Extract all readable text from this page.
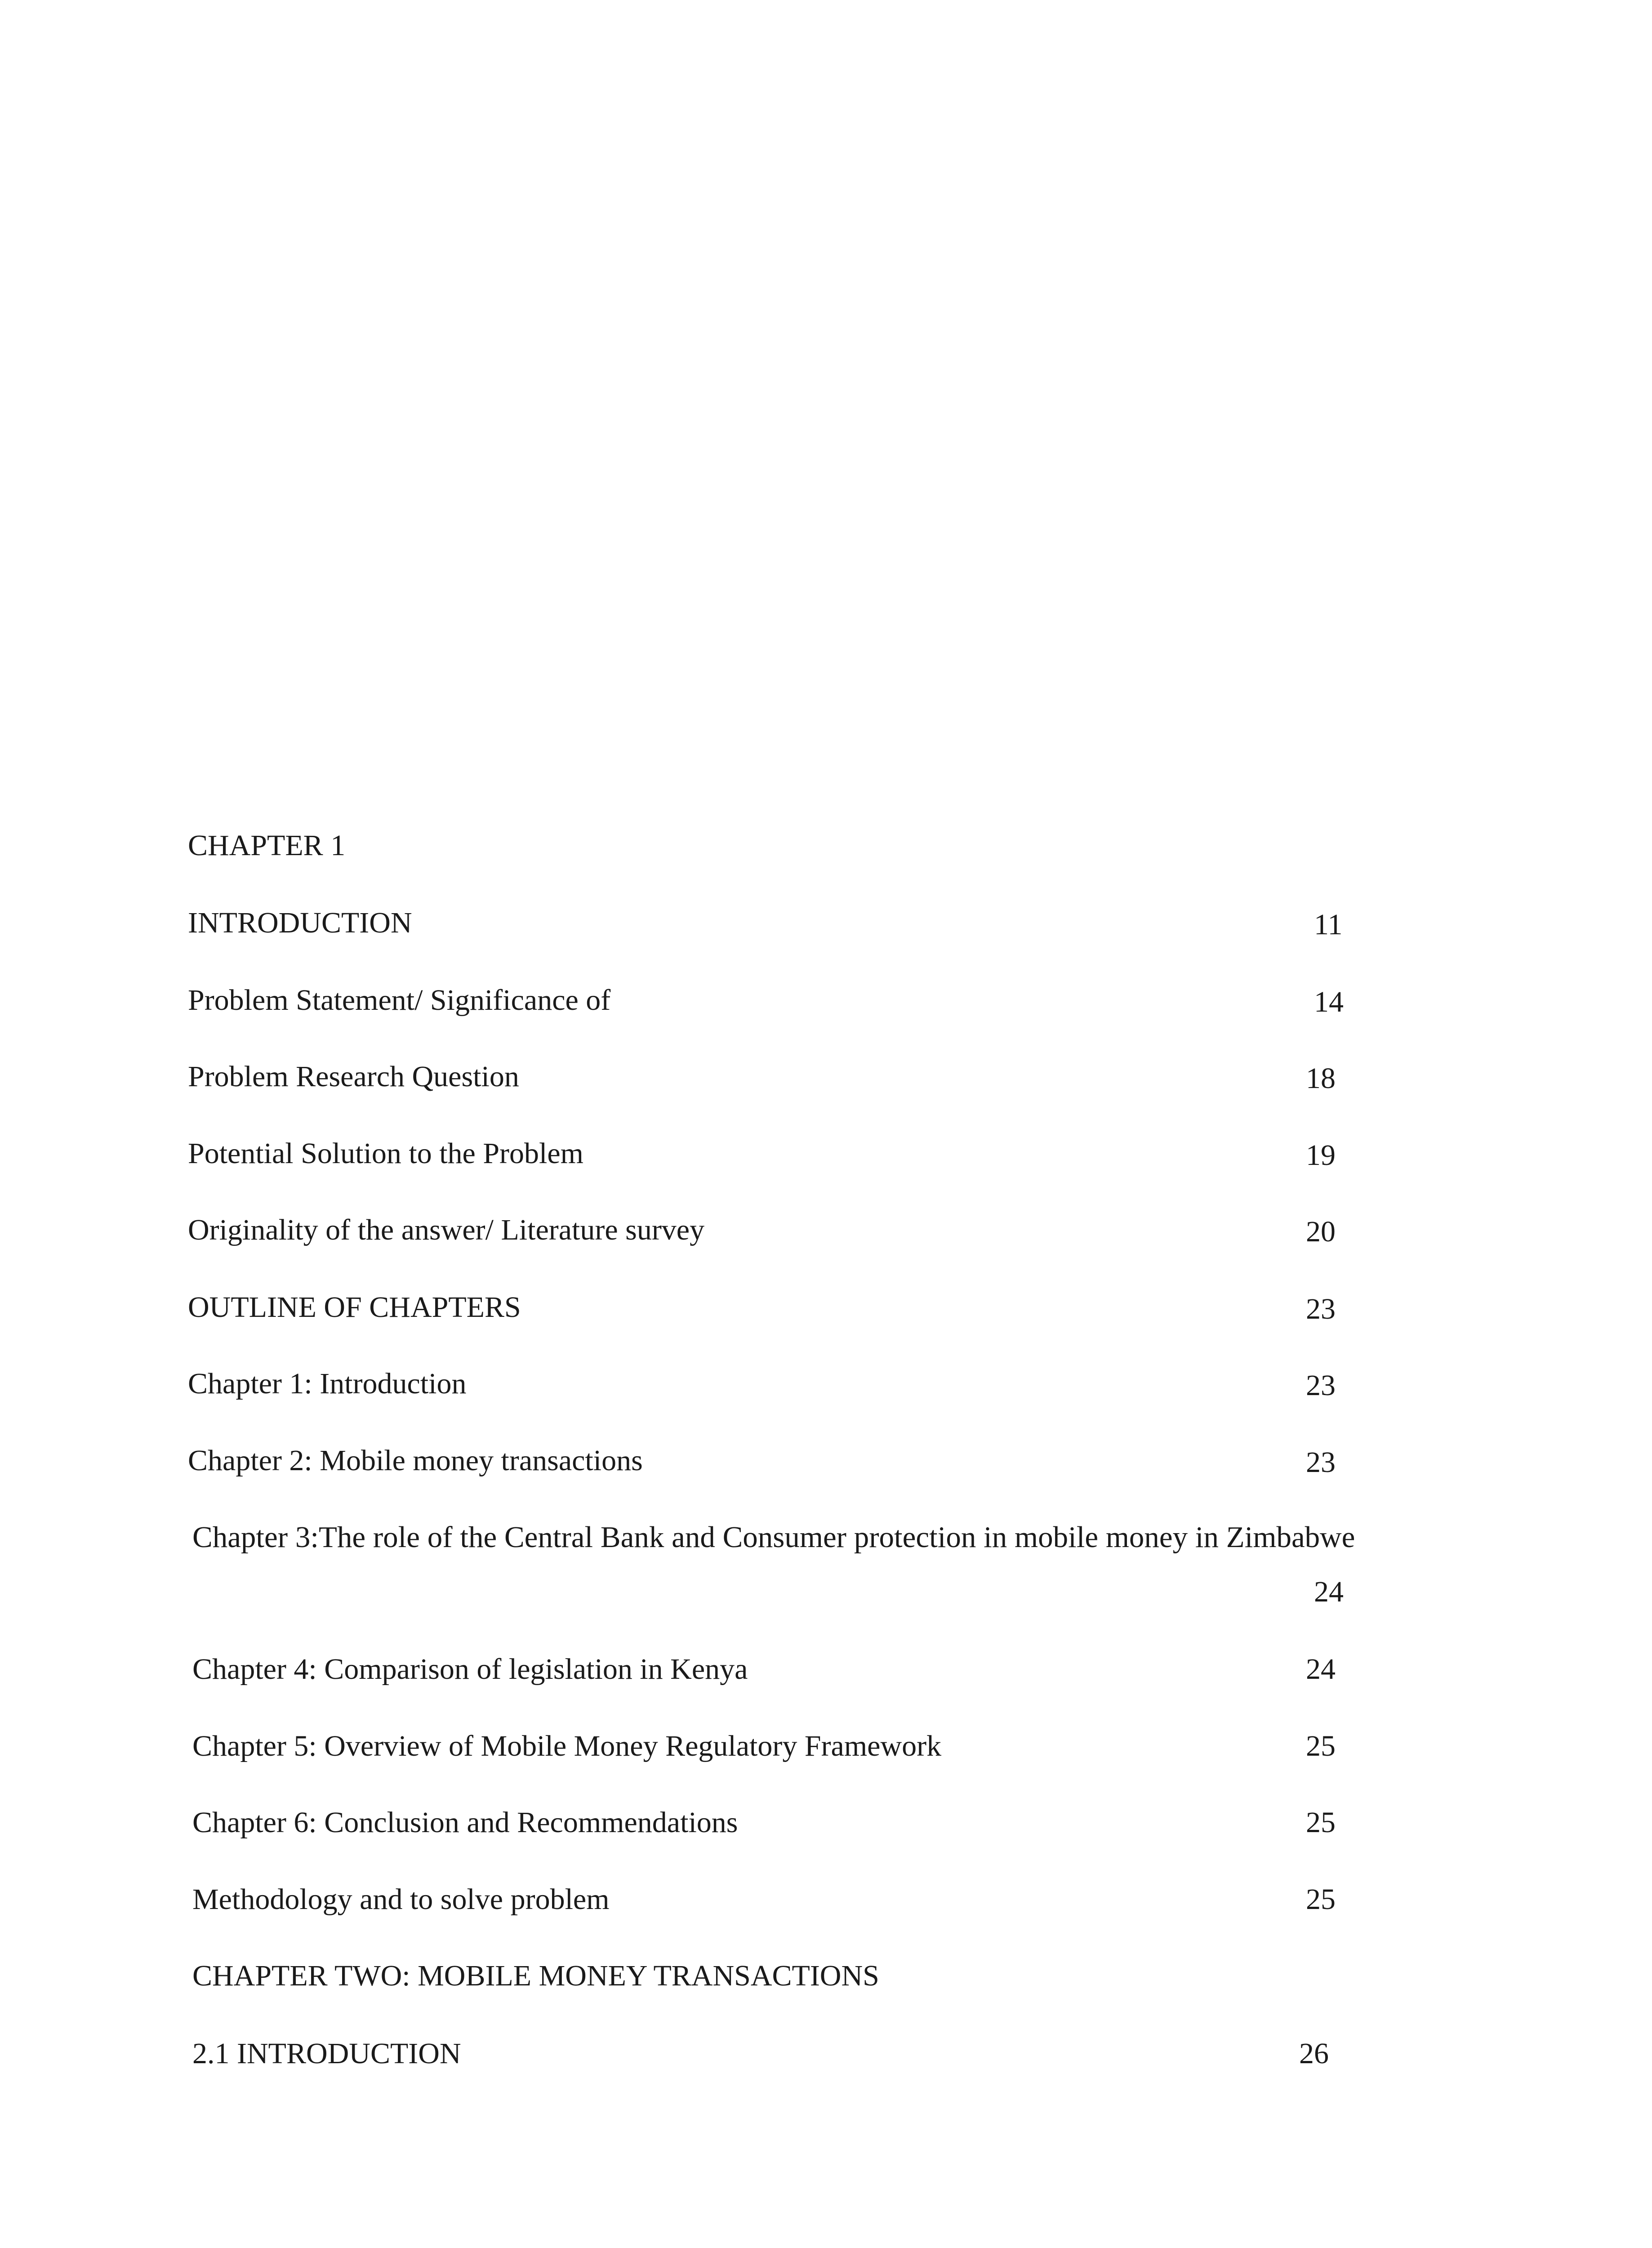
CHAPTER 1
INTRODUCTION	11
Problem Statement/ Significance of	14
Problem Research Question	18
Potential Solution to the Problem	19
Originality of the answer/ Literature survey	20
OUTLINE OF CHAPTERS	23
Chapter 1: Introduction	23
Chapter 2: Mobile money transactions	23
Chapter 3:The role of the Central Bank and Consumer protection in mobile money in Zimbabwe
24
Chapter 4: Comparison of legislation in Kenya	24
Chapter 5: Overview of Mobile Money Regulatory Framework	25
Chapter 6: Conclusion and Recommendations	25
Methodology and to solve problem	25
CHAPTER TWO: MOBILE MONEY TRANSACTIONS
2.1 INTRODUCTION	26
